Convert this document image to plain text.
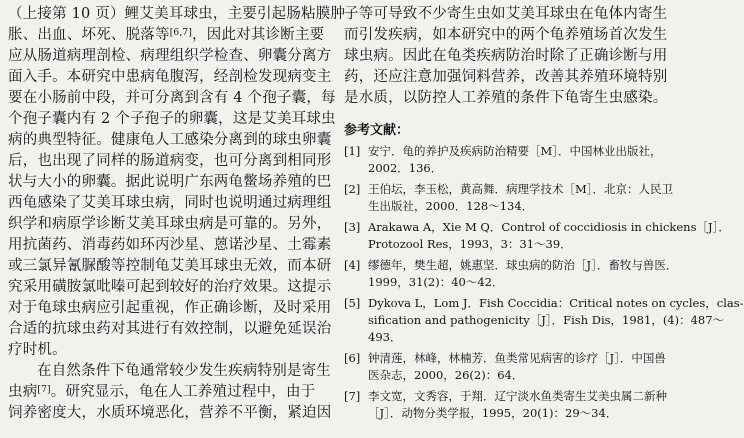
（上接第 10 页）鲤艾美耳球虫，主要引起肠粘膜肿
胀、出血、坏死、脱落等[6,7]，因此对其诊断主要
应从肠道病理剖检、病理组织学检查、卵囊分离方
面入手。本研究中患病龟腹泻，经剖检发现病变主
要在小肠前中段，并可分离到含有 4 个孢子囊，每
个孢子囊内有 2 个子孢子的卵囊，这是艾美耳球虫
病的典型特征。健康龟人工感染分离到的球虫卵囊
后，也出现了同样的肠道病变，也可分离到相同形
状与大小的卵囊。据此说明广东两龟鳖场养殖的巴
西龟感染了艾美耳球虫病，同时也说明通过病理组
织学和病原学诊断艾美耳球虫病是可靠的。另外，
用抗菌药、消毒药如环丙沙星、蒽诺沙星、土霉素
或三氯异氰脲酸等控制龟艾美耳球虫无效，而本研
究采用磺胺氯吡嗪可起到较好的治疗效果。这提示
对于龟球虫病应引起重视，作正确诊断，及时采用
合适的抗球虫药对其进行有效控制，以避免延误治
疗时机。
在自然条件下龟通常较少发生疾病特别是寄生
虫病[7]。研究显示，龟在人工养殖过程中，由于
饲养密度大，水质环境恶化，营养不平衡，紧迫因
子等可导致不少寄生虫如艾美耳球虫在龟体内寄生
而引发疾病，如本研究中的两个龟养殖场首次发生
球虫病。因此在龟类疾病防治时除了正确诊断与用
药，还应注意加强饲料营养，改善其养殖环境特别
是水质，以防控人工养殖的条件下龟寄生虫感染。
参考文献：
[1] 安宁．龟的养护及疾病防治精要［M］．中国林业出版社，
2002．136．
[2] 王伯坛，李玉松，黄高舞．病理学技术［M］．北京：人民卫
生出版社，2000．128～134．
[3] Arakawa A，Xie M Q．Control of coccidiosis in chickens［J］．
Protozool Res，1993，3：31～39．
[4] 缪德年，樊生超，姚惠坚．球虫病的防治［J］．畜牧与兽医．
1999，31(2)：40～42．
[5] Dykova L，Lom J．Fish Coccidia：Critical notes on cycles，clas-
sification and pathogenicity［J］．Fish Dis，1981，(4)：487～
493．
[6] 钟清莲，林峰，林楠芳．鱼类常见病害的诊疗［J］．中国兽
医杂志，2000，26(2)：64．
[7] 李文宽，文秀容，于翔．辽宁淡水鱼类寄生艾美虫属二新种
［J］．动物分类学报，1995，20(1)：29～34．
